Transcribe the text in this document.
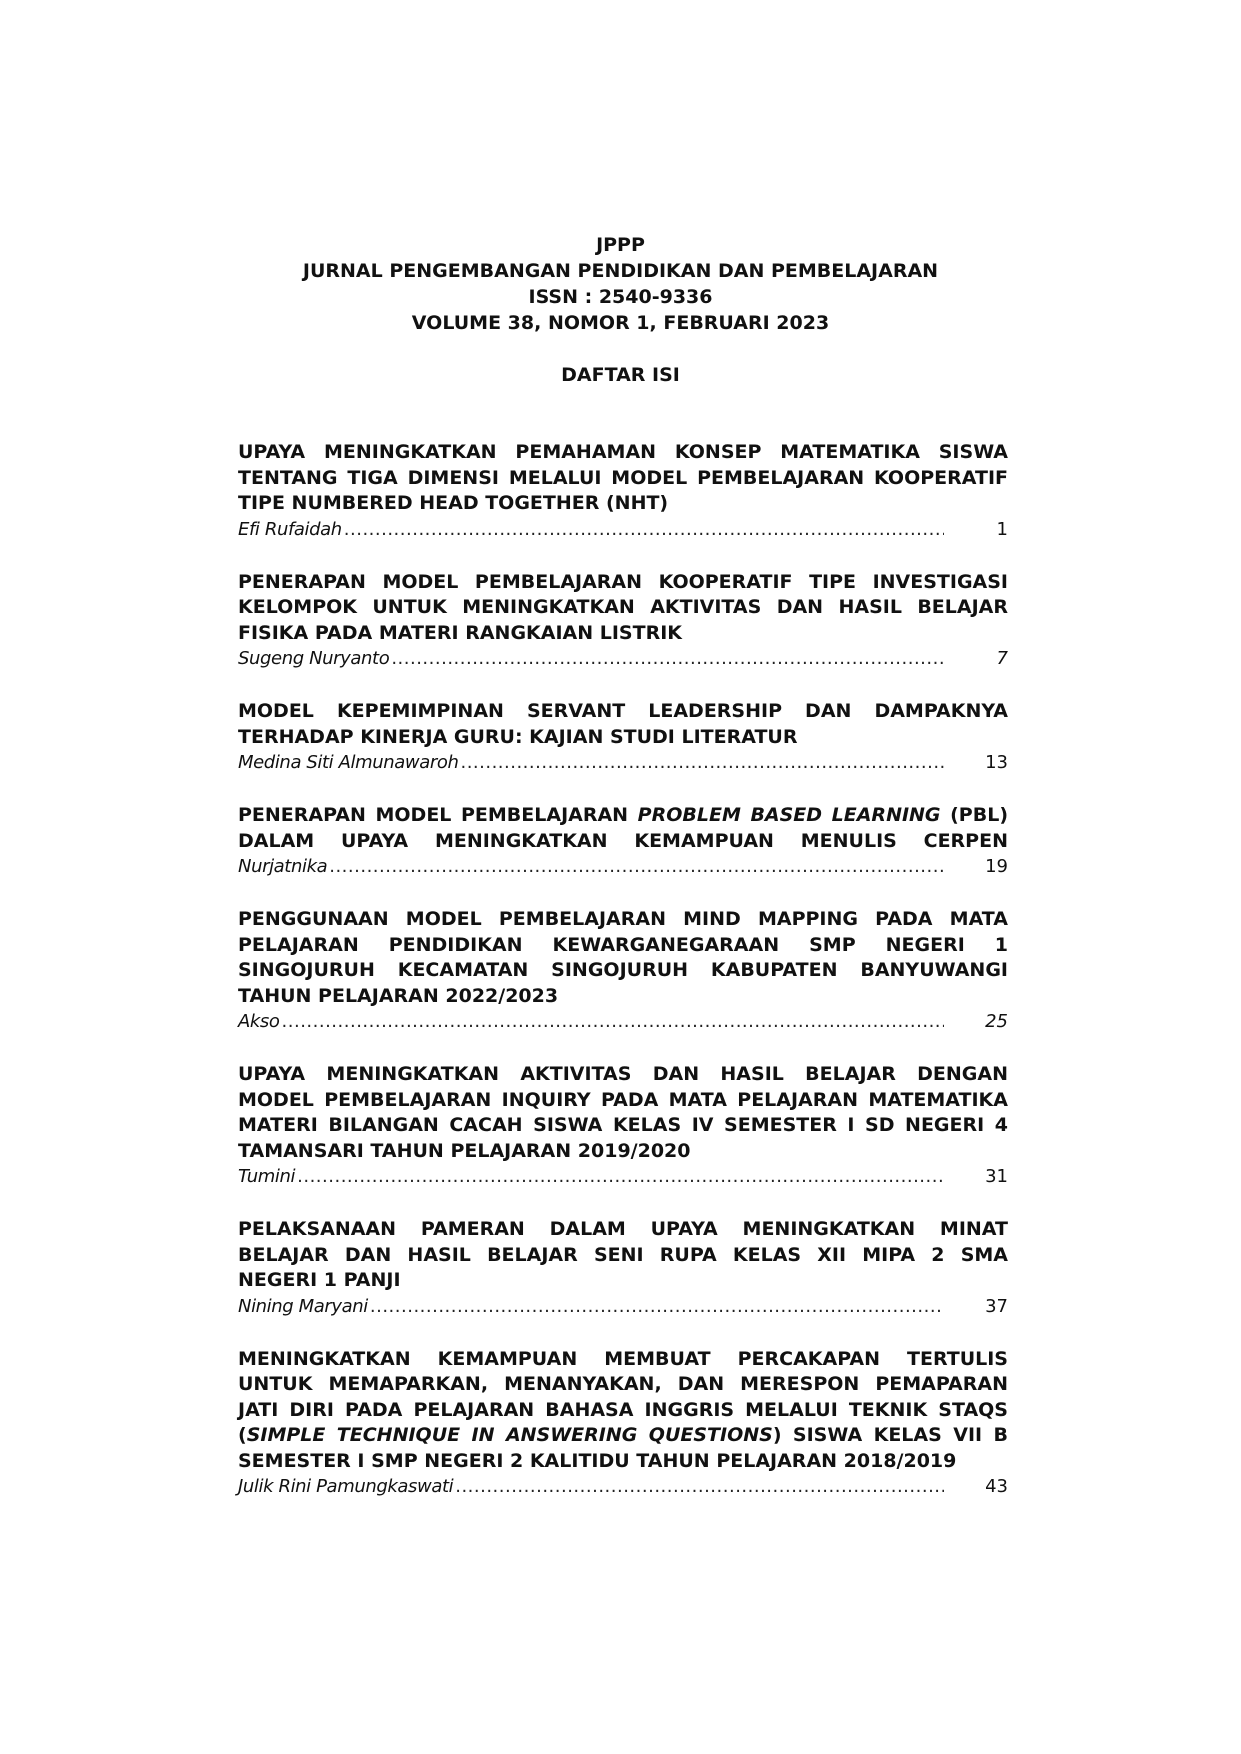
JPPP
JURNAL PENGEMBANGAN PENDIDIKAN DAN PEMBELAJARAN
ISSN : 2540-9336
VOLUME 38, NOMOR 1, FEBRUARI 2023
DAFTAR ISI
UPAYA MENINGKATKAN PEMAHAMAN KONSEP MATEMATIKA SISWA
TENTANG TIGA DIMENSI MELALUI MODEL PEMBELAJARAN KOOPERATIF
TIPE NUMBERED HEAD TOGETHER (NHT)
Efi Rufaidah .....	1
PENERAPAN MODEL PEMBELAJARAN KOOPERATIF TIPE INVESTIGASI
KELOMPOK UNTUK MENINGKATKAN AKTIVITAS DAN HASIL BELAJAR
FISIKA PADA MATERI RANGKAIAN LISTRIK
Sugeng Nuryanto .....	7
MODEL KEPEMIMPINAN SERVANT LEADERSHIP DAN DAMPAKNYA
TERHADAP KINERJA GURU: KAJIAN STUDI LITERATUR
Medina Siti Almunawaroh .....	13
PENERAPAN MODEL PEMBELAJARAN PROBLEM BASED LEARNING (PBL)
DALAM UPAYA MENINGKATKAN KEMAMPUAN MENULIS CERPEN
Nurjatnika .....	19
PENGGUNAAN MODEL PEMBELAJARAN MIND MAPPING PADA MATA
PELAJARAN PENDIDIKAN KEWARGANEGARAAN SMP NEGERI 1
SINGOJURUH KECAMATAN SINGOJURUH KABUPATEN BANYUWANGI
TAHUN PELAJARAN 2022/2023
Akso .....	25
UPAYA MENINGKATKAN AKTIVITAS DAN HASIL BELAJAR DENGAN
MODEL PEMBELAJARAN INQUIRY PADA MATA PELAJARAN MATEMATIKA
MATERI BILANGAN CACAH SISWA KELAS IV SEMESTER I SD NEGERI 4
TAMANSARI TAHUN PELAJARAN 2019/2020
Tumini .....	31
PELAKSANAAN PAMERAN DALAM UPAYA MENINGKATKAN MINAT
BELAJAR DAN HASIL BELAJAR SENI RUPA KELAS XII MIPA 2 SMA
NEGERI 1 PANJI
Nining Maryani .....	37
MENINGKATKAN KEMAMPUAN MEMBUAT PERCAKAPAN TERTULIS
UNTUK MEMAPARKAN, MENANYAKAN, DAN MERESPON PEMAPARAN
JATI DIRI PADA PELAJARAN BAHASA INGGRIS MELALUI TEKNIK STAQS
(SIMPLE TECHNIQUE IN ANSWERING QUESTIONS) SISWA KELAS VII B
SEMESTER I SMP NEGERI 2 KALITIDU TAHUN PELAJARAN 2018/2019
Julik Rini Pamungkaswati .....	43
